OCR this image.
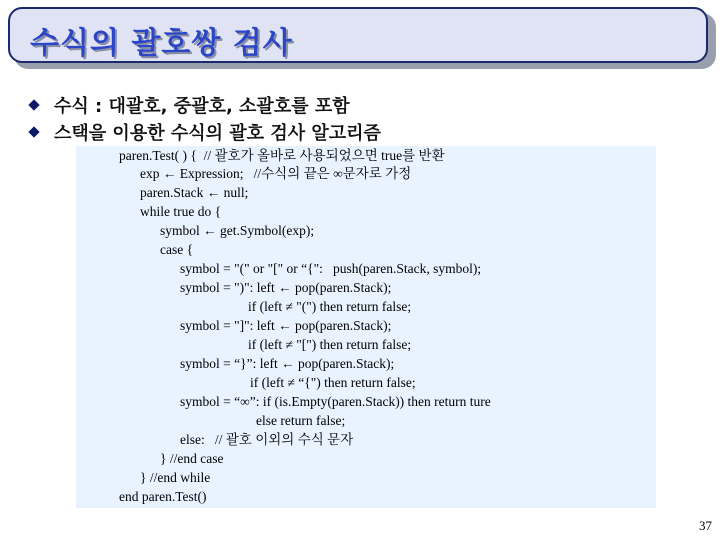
수식의 괄호쌍 검사
수식 : 대괄호, 중괄호, 소괄호를 포함
스택을 이용한 수식의 괄호 검사 알고리즘
paren.Test( ) {  // 괄호가 올바로 사용되었으면 true를 반환
exp ← Expression;   //수식의 끝은 ∞문자로 가정
paren.Stack ← null;
while true do {
symbol ← get.Symbol(exp);
case {
symbol = "(" or "[" or “{":   push(paren.Stack, symbol);
symbol = ")": left ← pop(paren.Stack);
if (left ≠ "(") then return false;
symbol = "]": left ← pop(paren.Stack);
if (left ≠ "[") then return false;
symbol = “}”: left ← pop(paren.Stack);
if (left ≠ “{") then return false;
symbol = “∞”: if (is.Empty(paren.Stack)) then return ture
else return false;
else:   // 괄호 이외의 수식 문자
} //end case
} //end while
end paren.Test()
37
